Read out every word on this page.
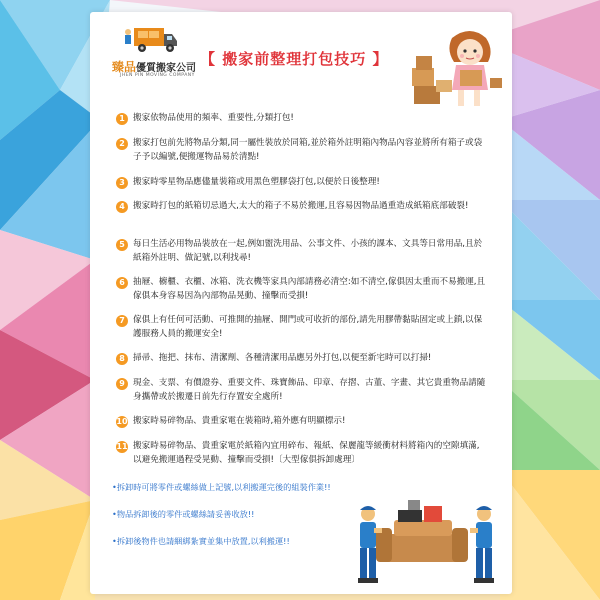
臻品優質搬家公司
JHEN PIN MOVING COMPANY
【 搬家前整理打包技巧 】
1 搬家依物品使用的頻率、重要性,分類打包!
2 搬家打包前先將物品分類,同一屬性裝放於同箱,並於箱外註明箱內物品內容並將所有箱子或袋子予以編號,便搬運物品易於清點!
3 搬家時零星物品應儘量裝箱或用黑色塑膠袋打包,以便於日後整理!
4 搬家時打包的紙箱切忌過大,太大的箱子不易於搬運,且容易因物品過重造成紙箱底部破裂!
5 每日生活必用物品裝放在一起,例如盥洗用品、公事文件、小孩的課本、文具等日常用品,且於紙箱外註明、做記號,以利找尋!
6 抽屜、櫥櫃、衣櫃、冰箱、洗衣機等家具內部請務必清空:如不清空,傢俱因太重而不易搬運,且傢俱本身容易因為內部物品晃動、撞擊而受損!
7 傢俱上有任何可活動、可推開的抽屜、開門或可收折的部份,請先用膠帶黏貼固定或上鎖,以保護服務人員的搬運安全!
8 掃帚、拖把、抹布、清潔劑、各種清潔用品應另外打包,以便至新宅時可以打掃!
9 現金、支票、有價證券、重要文件、珠寶飾品、印章、存摺、古董、字畫、其它貴重物品請隨身攜帶或於搬遷日前先行存置安全處所!
10 搬家時易碎物品、貴重家電在裝箱時,箱外應有明顯標示!
11 搬家時易碎物品、貴重家電於紙箱內宜用碎布、報紙、保麗龍等緩衝材料將箱內的空隙填滿,以避免搬運過程受晃動、撞擊而受損!〔大型傢俱拆卸處理〕
•拆卸時可將零件或螺絲做上記號,以利搬運完後的組裝作業!!
•物品拆卸後的零件或螺絲請妥善收放!!
•拆卸後物件也請綑綁紮實並集中放置,以利搬運!!
